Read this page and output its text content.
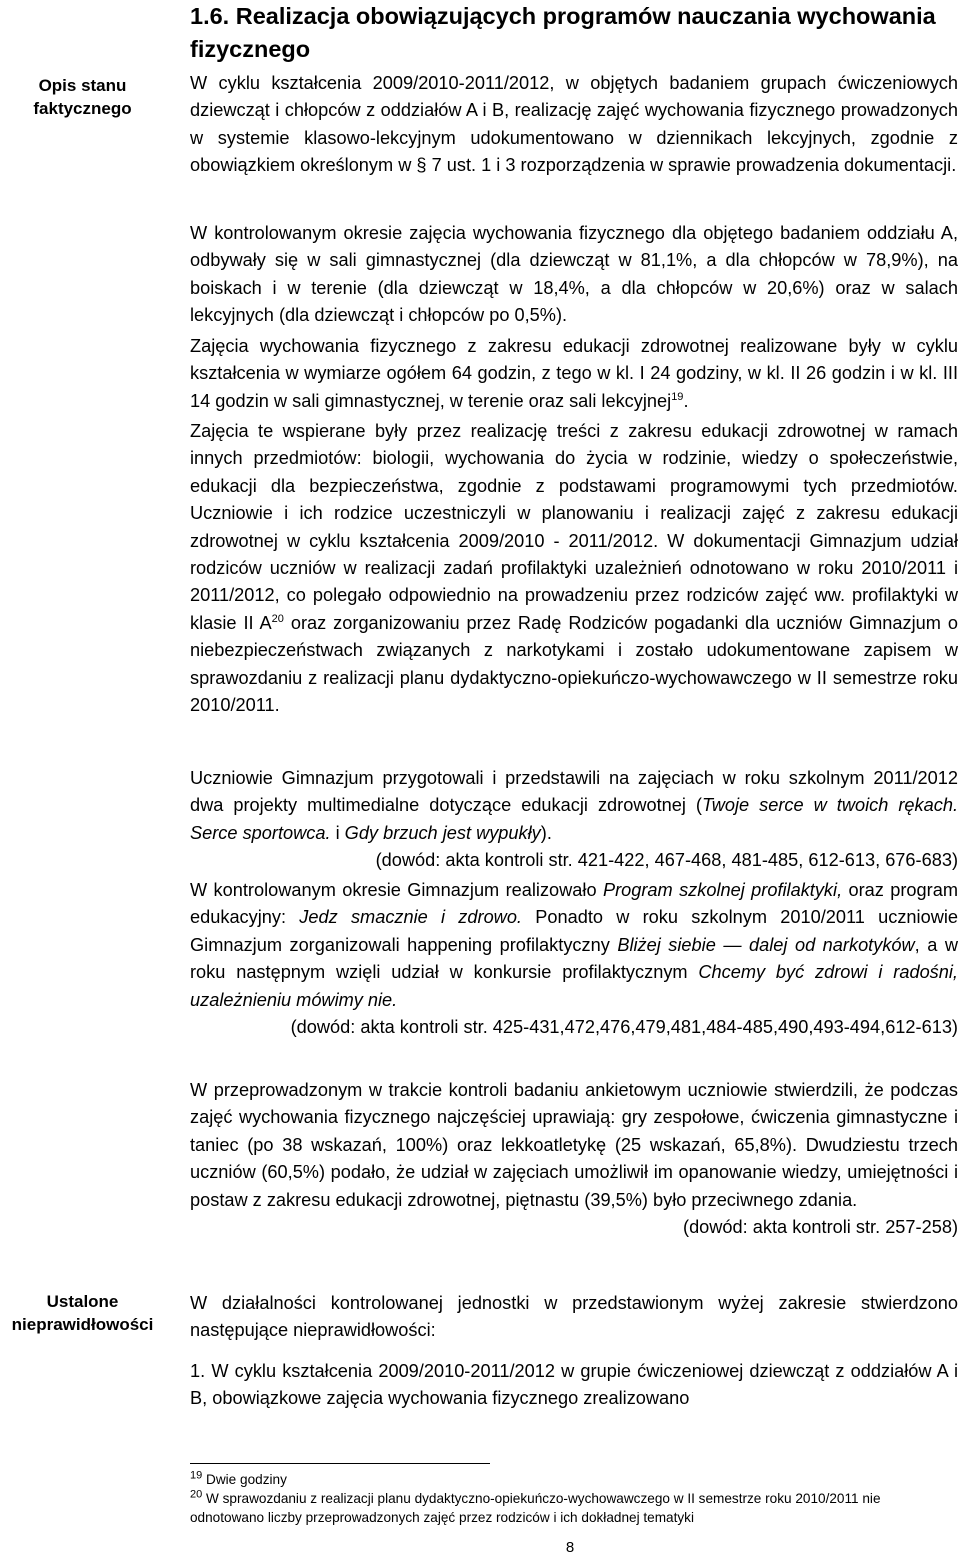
1.6. Realizacja obowiązujących programów nauczania wychowania fizycznego
Opis stanu faktycznego
Ustalone nieprawidłowości
W cyklu kształcenia 2009/2010-2011/2012, w objętych badaniem grupach ćwiczeniowych dziewcząt i chłopców z oddziałów A i B, realizację zajęć wychowania fizycznego prowadzonych w systemie klasowo-lekcyjnym udokumentowano w dziennikach lekcyjnych, zgodnie z obowiązkiem określonym w § 7 ust. 1 i 3 rozporządzenia w sprawie prowadzenia dokumentacji.
W kontrolowanym okresie zajęcia wychowania fizycznego dla objętego badaniem oddziału A, odbywały się w sali gimnastycznej (dla dziewcząt w 81,1%, a dla chłopców w 78,9%), na boiskach i w terenie (dla dziewcząt w 18,4%, a dla chłopców w 20,6%) oraz w salach lekcyjnych (dla dziewcząt i chłopców po 0,5%).
Zajęcia wychowania fizycznego z zakresu edukacji zdrowotnej realizowane były w cyklu kształcenia w wymiarze ogółem 64 godzin, z tego w kl. I 24 godziny, w kl. II 26 godzin i w kl. III 14 godzin w sali gimnastycznej, w terenie oraz sali lekcyjnej$^{19}$.
Zajęcia te wspierane były przez realizację treści z zakresu edukacji zdrowotnej w ramach innych przedmiotów: biologii, wychowania do życia w rodzinie, wiedzy o społeczeństwie, edukacji dla bezpieczeństwa, zgodnie z podstawami programowymi tych przedmiotów. Uczniowie i ich rodzice uczestniczyli w planowaniu i realizacji zajęć z zakresu edukacji zdrowotnej w cyklu kształcenia 2009/2010 - 2011/2012. W dokumentacji Gimnazjum udział rodziców uczniów w realizacji zadań profilaktyki uzależnień odnotowano w roku 2010/2011 i 2011/2012, co polegało odpowiednio na prowadzeniu przez rodziców zajęć ww. profilaktyki w klasie II $A^{20}$ oraz zorganizowaniu przez Radę Rodziców pogadanki dla uczniów Gimnazjum o niebezpieczeństwach związanych z narkotykami i zostało udokumentowane zapisem w sprawozdaniu z realizacji planu dydaktyczno-opiekuńczo-wychowawczego w II semestrze roku 2010/2011.
Uczniowie Gimnazjum przygotowali i przedstawili na zajęciach w roku szkolnym 2011/2012 dwa projekty multimedialne dotyczące edukacji zdrowotnej (Twoje serce w twoich rękach. Serce sportowca. i Gdy brzuch jest wypukły).
(dowód: akta kontroli str. 421-422, 467-468, 481-485, 612-613, 676-683)
W kontrolowanym okresie Gimnazjum realizowało Program szkolnej profilaktyki, oraz program edukacyjny: Jedz smacznie i zdrowo. Ponadto w roku szkolnym 2010/2011 uczniowie Gimnazjum zorganizowali happening profilaktyczny Bliżej siebie — dalej od narkotyków, a w roku następnym wzięli udział w konkursie profilaktycznym Chcemy być zdrowi i radośni, uzależnieniu mówimy nie.
(dowód: akta kontroli str. 425-431,472,476,479,481,484-485,490,493-494,612-613)
W przeprowadzonym w trakcie kontroli badaniu ankietowym uczniowie stwierdzili, że podczas zajęć wychowania fizycznego najczęściej uprawiają: gry zespołowe, ćwiczenia gimnastyczne i taniec (po 38 wskazań, 100%) oraz lekkoatletykę (25 wskazań, 65,8%). Dwudziestu trzech uczniów (60,5%) podało, że udział w zajęciach umożliwił im opanowanie wiedzy, umiejętności i postaw z zakresu edukacji zdrowotnej, piętnastu (39,5%) było przeciwnego zdania.
(dowód: akta kontroli str. 257-258)
W działalności kontrolowanej jednostki w przedstawionym wyżej zakresie stwierdzono następujące nieprawidłowości:
1. W cyklu kształcenia 2009/2010-2011/2012 w grupie ćwiczeniowej dziewcząt z oddziałów A i B, obowiązkowe zajęcia wychowania fizycznego zrealizowano
$^{19}$ Dwie godziny
$^{20}$ W sprawozdaniu z realizacji planu dydaktyczno-opiekuńczo-wychowawczego w II semestrze roku 2010/2011 nie odnotowano liczby przeprowadzonych zajęć przez rodziców i ich dokładnej tematyki
8
